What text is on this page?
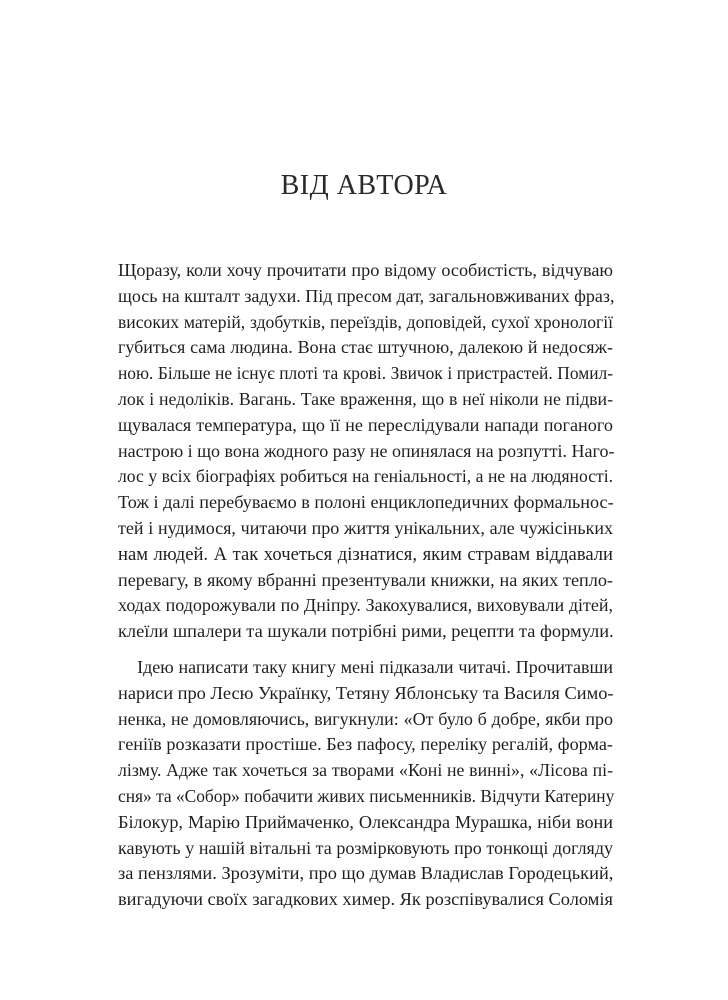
ВІД АВТОРА
Щоразу, коли хочу прочитати про відому особистість, відчуваю
щось на кшталт задухи. Під пресом дат, загальновживаних фраз,
високих матерій, здобутків, переїздів, доповідей, сухої хронології
губиться сама людина. Вона стає штучною, далекою й недосяж-
ною. Більше не існує плоті та крові. Звичок і пристрастей. Помил-
лок і недоліків. Вагань. Таке враження, що в неї ніколи не підви-
щувалася температура, що її не переслідували напади поганого
настрою і що вона жодного разу не опинялася на розпутті. Наго-
лос у всіх біографіях робиться на геніальності, а не на людяності.
Тож і далі перебуваємо в полоні енциклопедичних формальнос-
тей і нудимося, читаючи про життя унікальних, але чужісіньких
нам людей. А так хочеться дізнатися, яким стравам віддавали
перевагу, в якому вбранні презентували книжки, на яких тепло-
ходах подорожували по Дніпру. Закохувалися, виховували дітей,
клеїли шпалери та шукали потрібні рими, рецепти та формули.
Ідею написати таку книгу мені підказали читачі. Прочитавши
нариси про Лесю Українку, Тетяну Яблонську та Василя Симо-
ненка, не домовляючись, вигукнули: «От було б добре, якби про
геніїв розказати простіше. Без пафосу, переліку регалій, форма-
лізму. Адже так хочеться за творами «Коні не винні», «Лісова пі-
сня» та «Собор» побачити живих письменників. Відчути Катерину
Білокур, Марію Приймаченко, Олександра Мурашка, ніби вони
кавують у нашій вітальні та розмірковують про тонкощі догляду
за пензлями. Зрозуміти, про що думав Владислав Городецький,
вигадуючи своїх загадкових химер. Як розспівувалися Соломія
